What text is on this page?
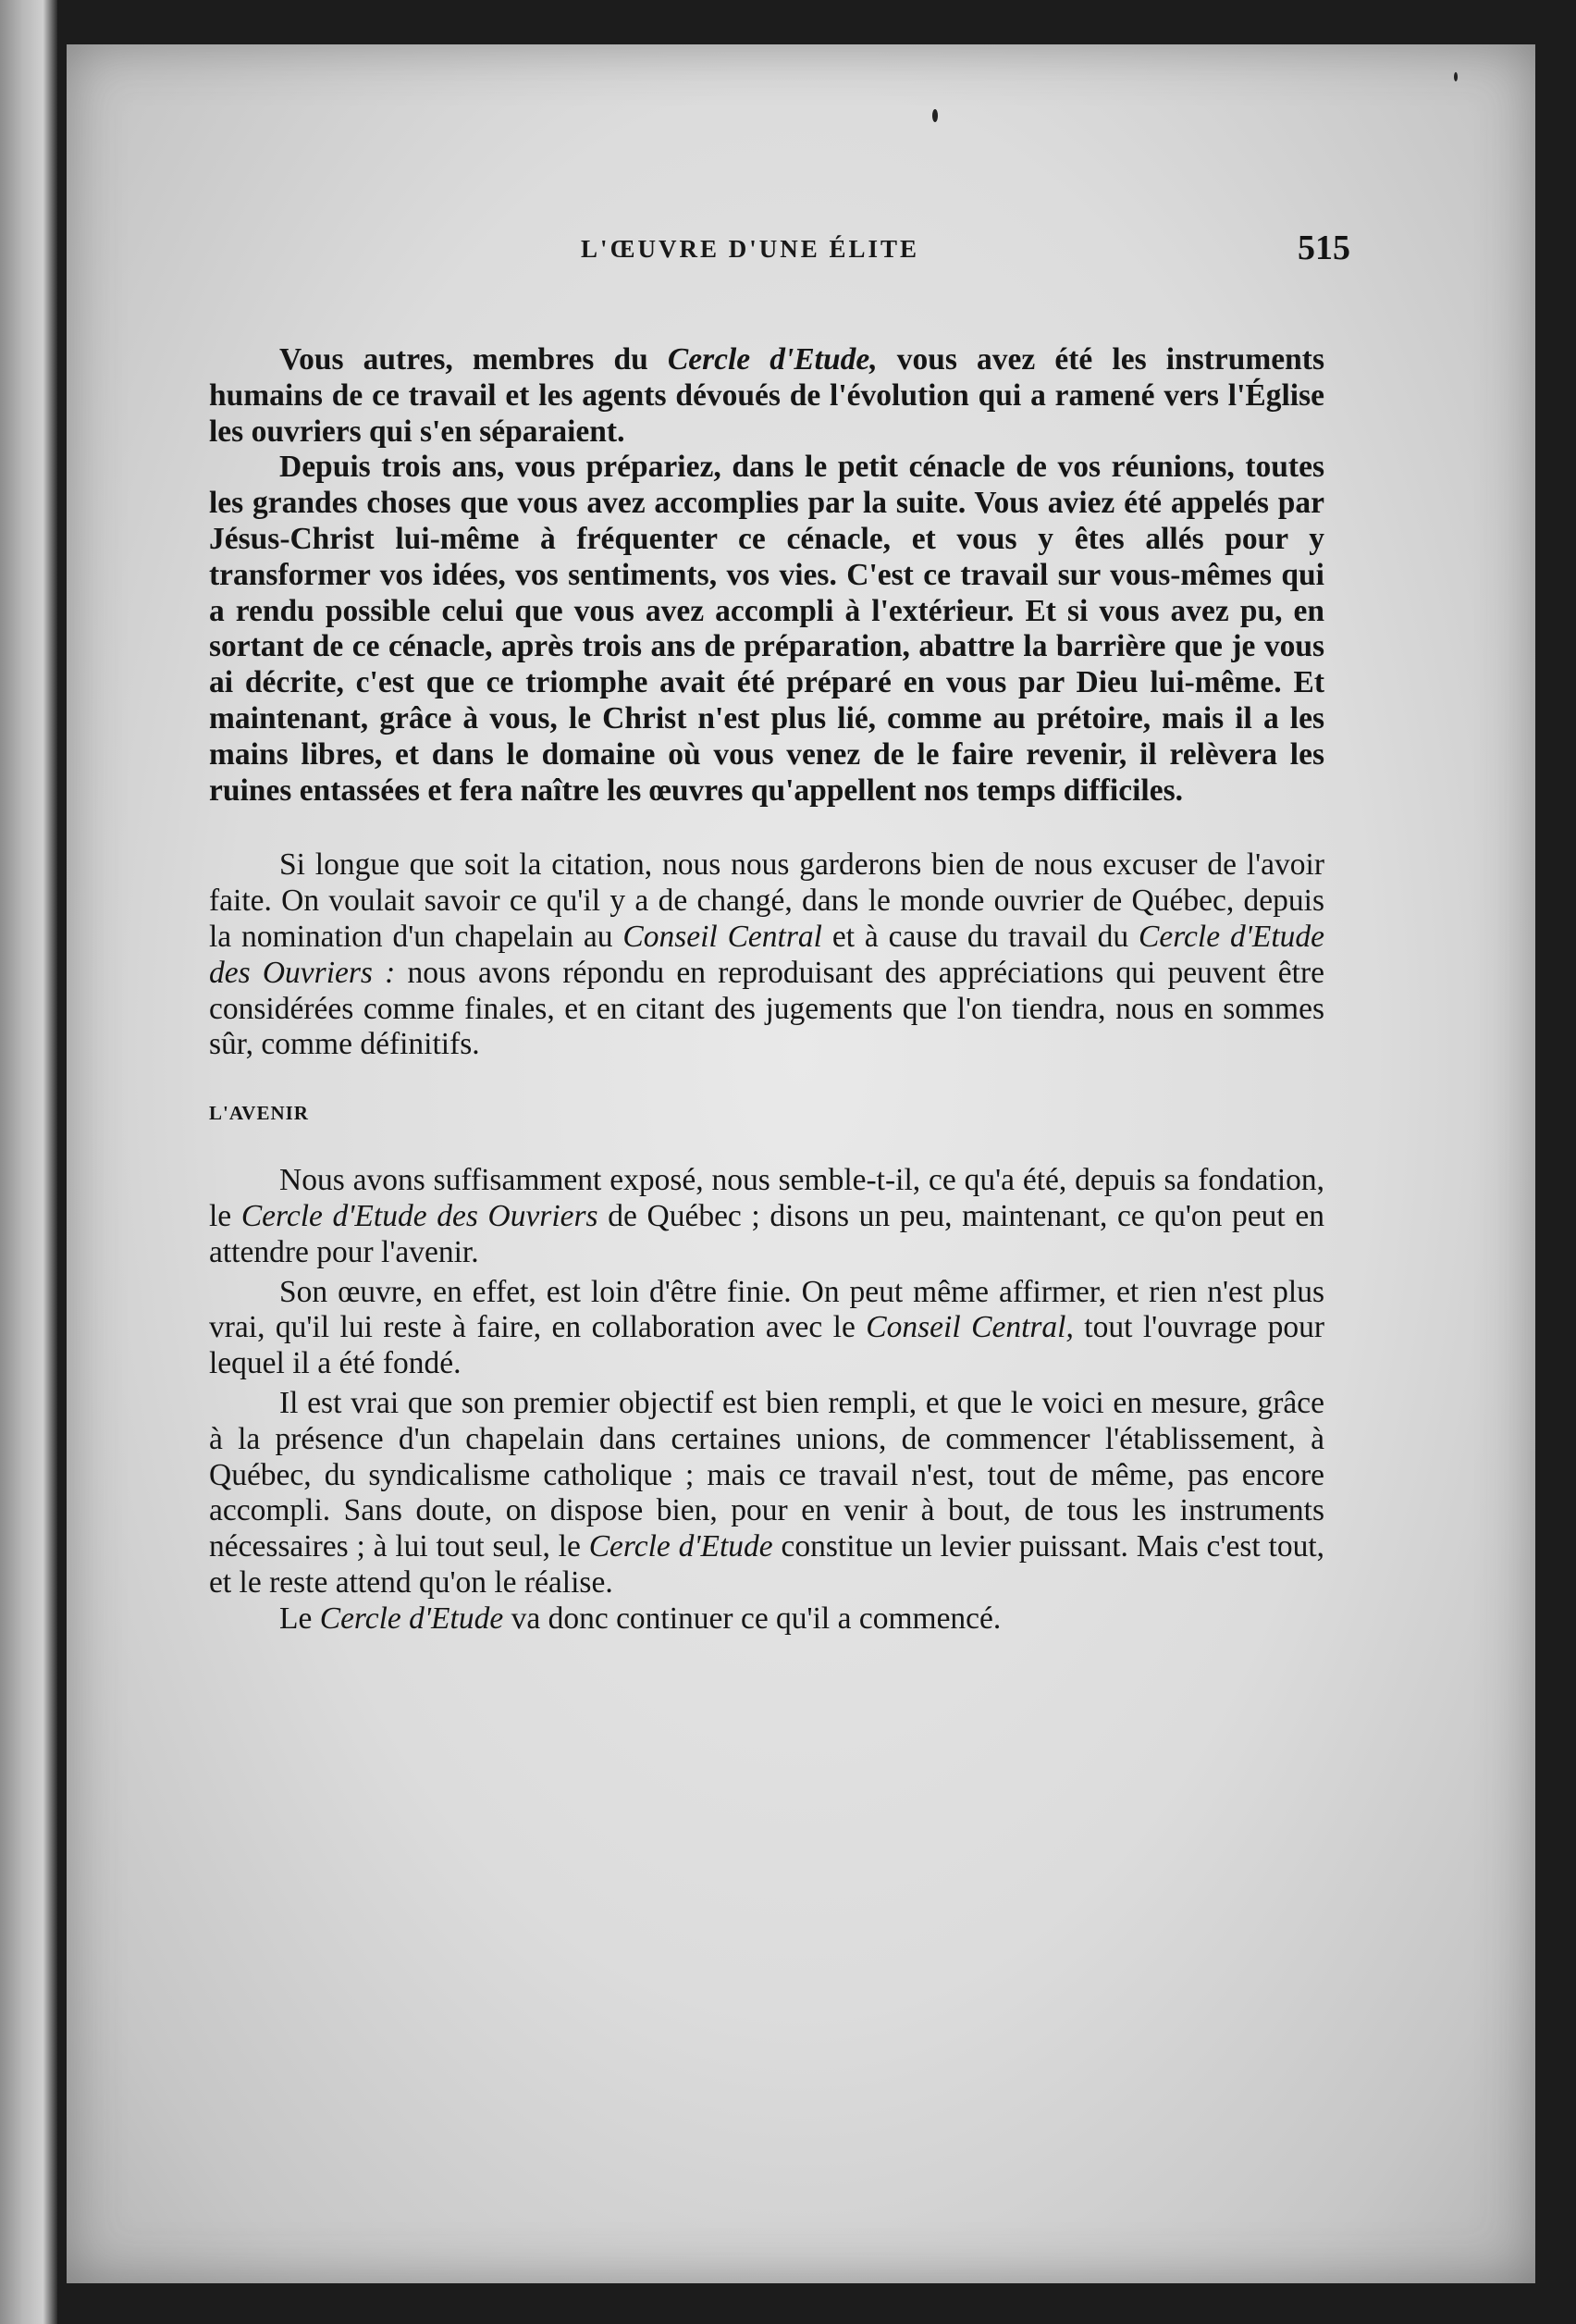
L'ŒUVRE D'UNE ÉLITE	515

Vous autres, membres du Cercle d'Etude, vous avez été les instruments humains de ce travail et les agents dévoués de l'évolution qui a ramené vers l'Église les ouvriers qui s'en séparaient.

Depuis trois ans, vous prépariez, dans le petit cénacle de vos réunions, toutes les grandes choses que vous avez accomplies par la suite. Vous aviez été appelés par Jésus-Christ lui-même à fréquenter ce cénacle, et vous y êtes allés pour y transformer vos idées, vos sentiments, vos vies. C'est ce travail sur vous-mêmes qui a rendu possible celui que vous avez accompli à l'extérieur. Et si vous avez pu, en sortant de ce cénacle, après trois ans de préparation, abattre la barrière que je vous ai décrite, c'est que ce triomphe avait été préparé en vous par Dieu lui-même. Et maintenant, grâce à vous, le Christ n'est plus lié, comme au prétoire, mais il a les mains libres, et dans le domaine où vous venez de le faire revenir, il relèvera les ruines entassées et fera naître les œuvres qu'appellent nos temps difficiles.

Si longue que soit la citation, nous nous garderons bien de nous excuser de l'avoir faite. On voulait savoir ce qu'il y a de changé, dans le monde ouvrier de Québec, depuis la nomination d'un chapelain au Conseil Central et à cause du travail du Cercle d'Etude des Ouvriers : nous avons répondu en reproduisant des appréciations qui peuvent être considérées comme finales, et en citant des jugements que l'on tiendra, nous en sommes sûr, comme définitifs.

L'AVENIR

Nous avons suffisamment exposé, nous semble-t-il, ce qu'a été, depuis sa fondation, le Cercle d'Etude des Ouvriers de Québec ; disons un peu, maintenant, ce qu'on peut en attendre pour l'avenir.

Son œuvre, en effet, est loin d'être finie. On peut même affirmer, et rien n'est plus vrai, qu'il lui reste à faire, en collaboration avec le Conseil Central, tout l'ouvrage pour lequel il a été fondé.

Il est vrai que son premier objectif est bien rempli, et que le voici en mesure, grâce à la présence d'un chapelain dans certaines unions, de commencer l'établissement, à Québec, du syndicalisme catholique ; mais ce travail n'est, tout de même, pas encore accompli. Sans doute, on dispose bien, pour en venir à bout, de tous les instruments nécessaires ; à lui tout seul, le Cercle d'Etude constitue un levier puissant. Mais c'est tout, et le reste attend qu'on le réalise.

Le Cercle d'Etude va donc continuer ce qu'il a commencé.
